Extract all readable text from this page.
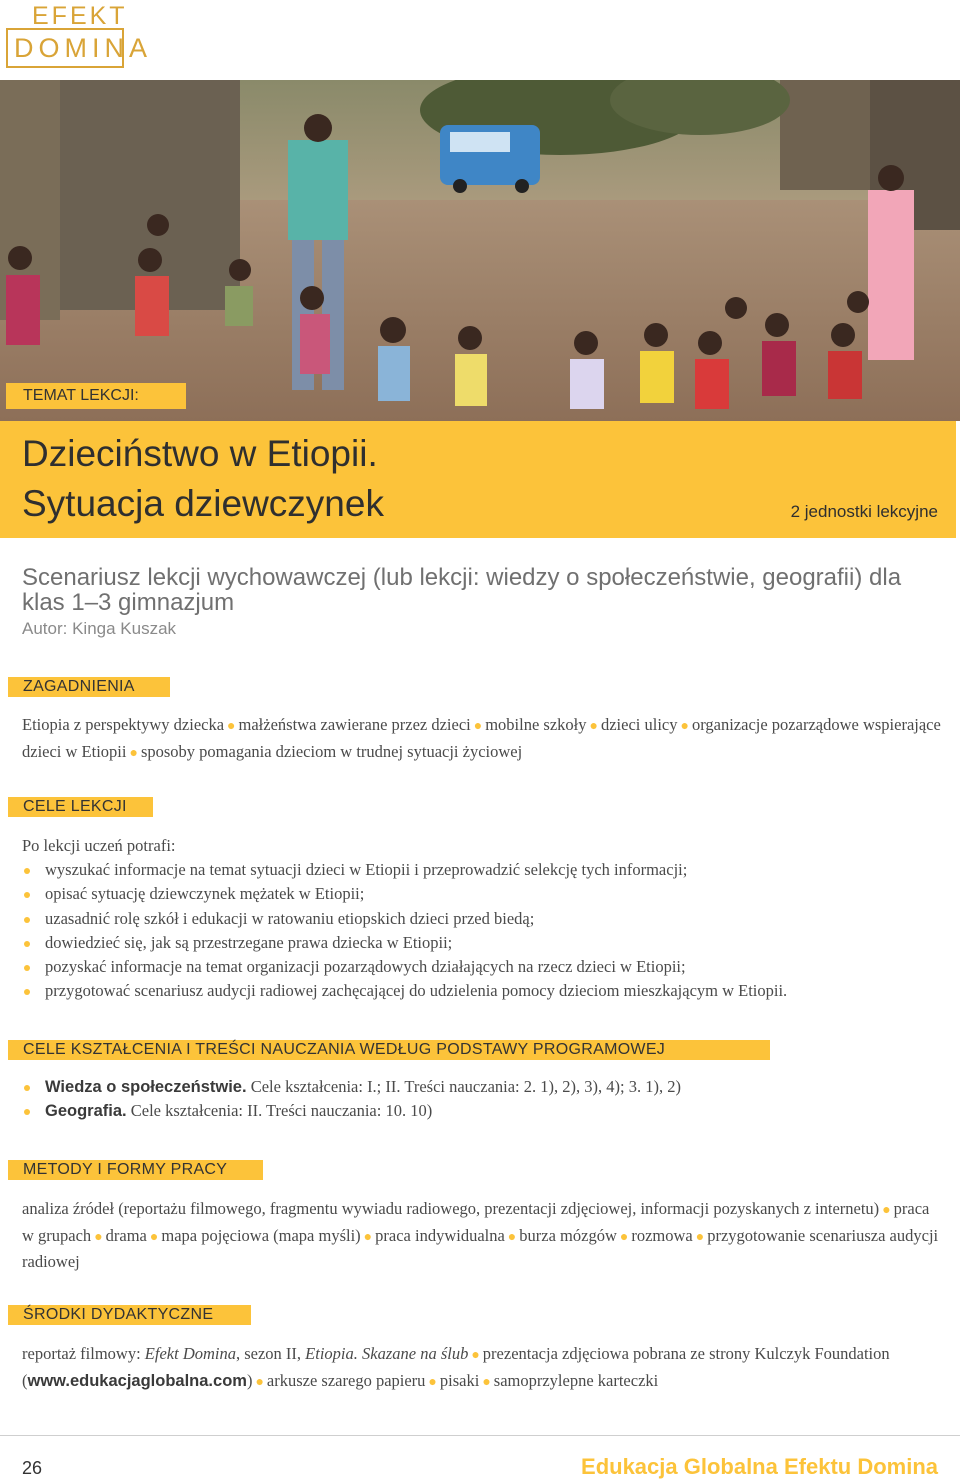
EFEKT
DOMINA
TEMAT LEKCJI:
Dzieciństwo w Etiopii.
Sytuacja dziewczynek	2 jednostki lekcyjne
Scenariusz lekcji wychowawczej (lub lekcji: wiedzy o społeczeństwie, geografii) dla klas 1–3 gimnazjum
Autor: Kinga Kuszak
ZAGADNIENIA
Etiopia z perspektywy dziecka ● małżeństwa zawierane przez dzieci ● mobilne szkoły ● dzieci ulicy ● organizacje pozarządowe wspierające dzieci w Etiopii ● sposoby pomagania dzieciom w trudnej sytuacji życiowej
CELE LEKCJI
Po lekcji uczeń potrafi:
wyszukać informacje na temat sytuacji dzieci w Etiopii i przeprowadzić selekcję tych informacji;
opisać sytuację dziewczynek mężatek w Etiopii;
uzasadnić rolę szkół i edukacji w ratowaniu etiopskich dzieci przed biedą;
dowiedzieć się, jak są przestrzegane prawa dziecka w Etiopii;
pozyskać informacje na temat organizacji pozarządowych działających na rzecz dzieci w Etiopii;
przygotować scenariusz audycji radiowej zachęcającej do udzielenia pomocy dzieciom mieszkającym w Etiopii.
CELE KSZTAŁCENIA I TREŚCI NAUCZANIA WEDŁUG PODSTAWY PROGRAMOWEJ
Wiedza o społeczeństwie. Cele kształcenia: I.; II. Treści nauczania: 2. 1), 2), 3), 4); 3. 1), 2)
Geografia. Cele kształcenia: II. Treści nauczania: 10. 10)
METODY I FORMY PRACY
analiza źródeł (reportażu filmowego, fragmentu wywiadu radiowego, prezentacji zdjęciowej, informacji pozyskanych z internetu) ● praca w grupach ● drama ● mapa pojęciowa (mapa myśli) ● praca indywidualna ● burza mózgów ● rozmowa ● przygotowanie scenariusza audycji radiowej
ŚRODKI DYDAKTYCZNE
reportaż filmowy: Efekt Domina, sezon II, Etiopia. Skazane na ślub ● prezentacja zdjęciowa pobrana ze strony Kulczyk Foundation (www.edukacjaglobalna.com) ● arkusze szarego papieru ● pisaki ● samoprzylepne karteczki
26	Edukacja Globalna Efektu Domina
